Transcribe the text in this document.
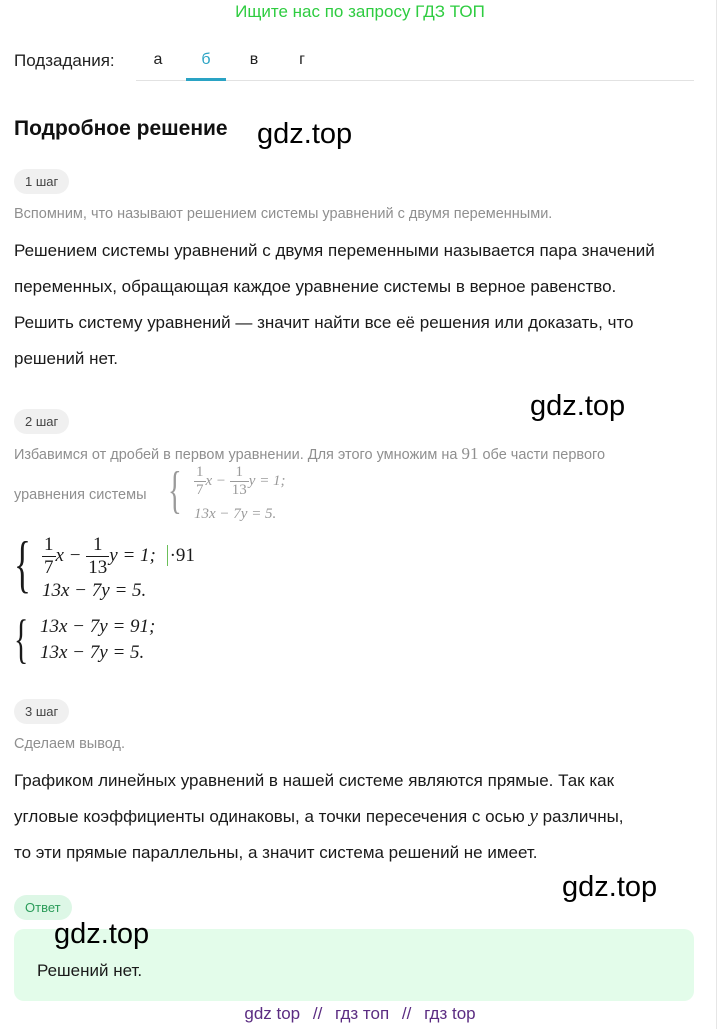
Ищите нас по запросу ГДЗ ТОП
Подзадания:	а	б	в	г
Подробное решение gdz.top
1 шаг
Вспомним, что называют решением системы уравнений с двумя переменными.
Решением системы уравнений с двумя переменными называется пара значений переменных, обращающая каждое уравнение системы в верное равенство. Решить систему уравнений — значит найти все её решения или доказать, что решений нет.
gdz.top
2 шаг
Избавимся от дробей в первом уравнении. Для этого умножим на 91 обе части первого
уравнения системы { $\frac{1}{7}$ $x - \frac{1}{13}$ y = 1;
13x − 7y = 5.
{ $\frac{1}{7}$ $x - \frac{1}{13}$ y = 1; ·91
13x − 7y = 5.
{ 13x − 7y = 91;
13x − 7y = 5.
3 шаг
Сделаем вывод.
Графиком линейных уравнений в нашей системе являются прямые. Так как
угловые коэффициенты одинаковы, а точки пересечения с осью y различны,
то эти прямые параллельны, а значит система решений не имеет.
gdz.top
Ответ
gdz.top
Решений нет.
gdz top // гдз топ // гдз top
